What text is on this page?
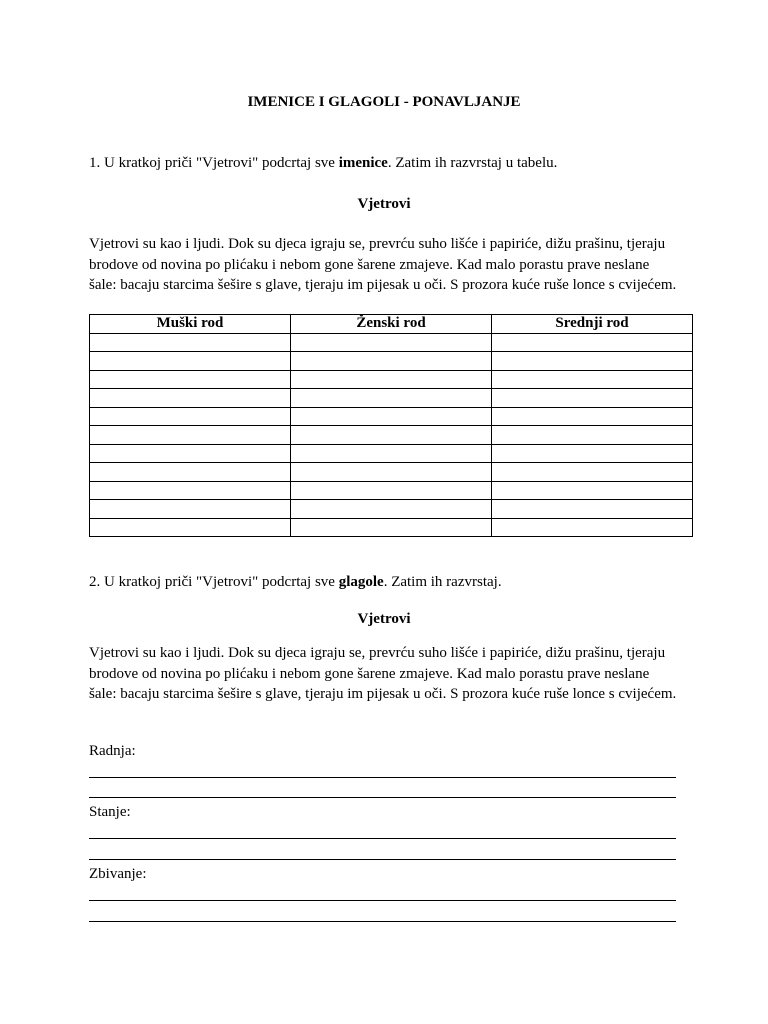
IMENICE I GLAGOLI - PONAVLJANJE
1. U kratkoj priči "Vjetrovi" podcrtaj sve imenice. Zatim ih razvrstaj u tabelu.
Vjetrovi
Vjetrovi su kao i ljudi. Dok su djeca igraju se, prevrću suho lišće i papiriće, dižu prašinu, tjeraju
brodove od novina po plićaku i nebom gone šarene zmajeve. Kad malo porastu prave neslane
šale: bacaju starcima šešire s glave, tjeraju im pijesak u oči. S prozora kuće ruše lonce s cvijećem.
Muški rod	Ženski rod	Srednji rod

2. U kratkoj priči "Vjetrovi" podcrtaj sve glagole. Zatim ih razvrstaj.
Vjetrovi
Vjetrovi su kao i ljudi. Dok su djeca igraju se, prevrću suho lišće i papiriće, dižu prašinu, tjeraju
brodove od novina po plićaku i nebom gone šarene zmajeve. Kad malo porastu prave neslane
šale: bacaju starcima šešire s glave, tjeraju im pijesak u oči. S prozora kuće ruše lonce s cvijećem.
Radnja:
Stanje:
Zbivanje:
